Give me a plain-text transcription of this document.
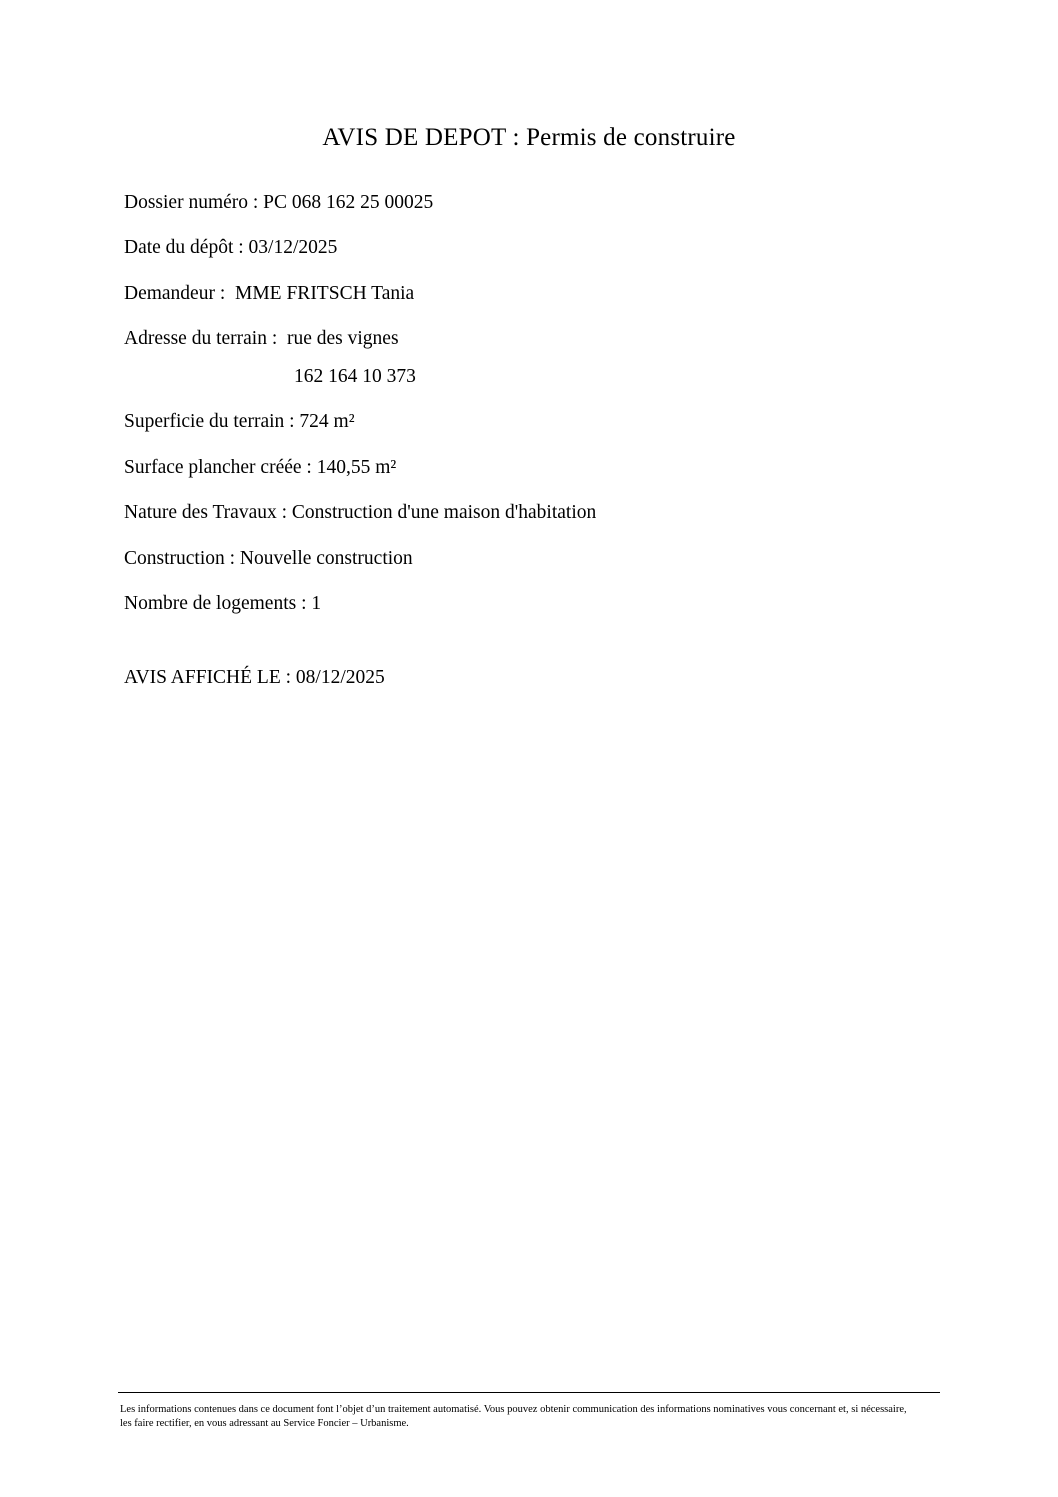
AVIS DE DEPOT : Permis de construire
Dossier numéro : PC 068 162 25 00025
Date du dépôt : 03/12/2025
Demandeur :  MME FRITSCH Tania
Adresse du terrain :  rue des vignes
162 164 10 373
Superficie du terrain : 724 m²
Surface plancher créée : 140,55 m²
Nature des Travaux : Construction d'une maison d'habitation
Construction : Nouvelle construction
Nombre de logements : 1
AVIS AFFICHÉ LE : 08/12/2025
Les informations contenues dans ce document font l’objet d’un traitement automatisé. Vous pouvez obtenir communication des informations nominatives vous concernant et, si nécessaire,
les faire rectifier, en vous adressant au Service Foncier – Urbanisme.
